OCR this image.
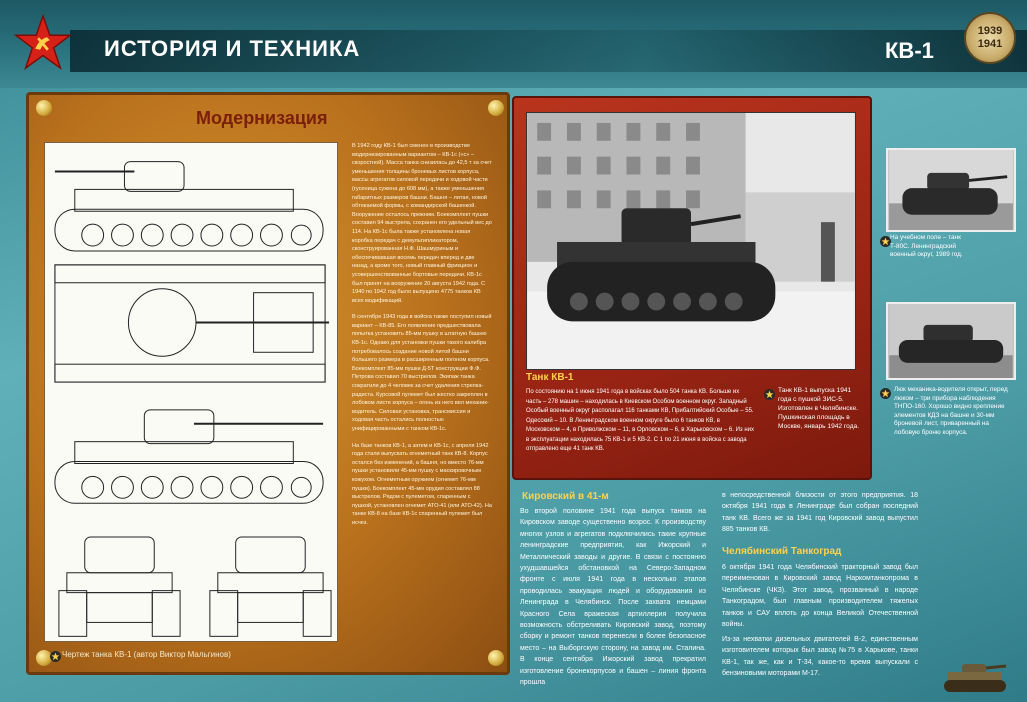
ИСТОРИЯ И ТЕХНИКА	КВ-1
1939
1941
Модернизация

В 1942 году КВ-1 был сменен в производстве модернизированным вариантом – КВ-1с («с» – скоростной). Масса танка снизилась до 42,5 т за счет уменьшения толщины броневых листов корпуса, массы агрегатов силовой передачи и ходовой части (гусеница сужена до 608 мм), а также уменьшения габаритных размеров башни. Башня – литая, новой обтекаемой формы, с командирской башенкой. Вооружение осталось прежним. Боекомплект пушки составил 94 выстрела, сохранен его удельный вес до 114. На КВ-1с была также установлена новая коробка передач с демультипликатором, сконструированная Н.Ф. Шашмуриным и обеспечивавшая восемь передач вперед и две назад, а кроме того, новый главный фрикцион и усовершенствованные бортовые передачи. КВ-1с был принят на вооружение 20 августа 1942 года. С 1940 по 1942 год было выпущено 4775 танков КВ всех модификаций.

В сентябре 1943 года в войска также поступил новый вариант – КВ-85. Его появление предшествовала попытка установить 85-мм пушку в штатную башню КВ-1с. Однако для установки пушки такого калибра потребовалось создание новой литой башни большего размера в расширенным погоном корпуса. Боекомплект 85-мм пушки Д-5Т конструкции Ф.Ф. Петрова составил 70 выстрелов. Экипаж танка сократили до 4 человек за счет удаления стрелка-радиста. Курсовой пулемет был жестко закреплен в лобовом листе корпуса – огонь из него вел механик-водитель. Силовая установка, трансмиссия и ходовая часть остались полностью унифицированными с танком КВ-1с.

На базе танков КВ-1, а затем и КВ-1с, с апреля 1942 года стали выпускать огнеметный танк КВ-8. Корпус остался без изменений, а башня, но вместо 76-мм пушки установили 45-мм пушку с маскировочным кожухом. Огнеметным оружием (огнемет 76-мм пушки). Боекомплект 45-мм орудия составлял 88 выстрелов. Рядом с пулеметом, спаренным с пушкой, установлен огнемет АТО-41 (или АТО-42). На танке КВ-8 на базе КВ-1с спаренный пулемет был исчез.

Чертеж танка КВ-1 (автор Виктор Мальгинов)
Танк КВ-1
По состоянию на 1 июня 1941 года в войсках было 504 танка КВ. Больше их часть – 278 машин – находилась в Киевском Особом военном округ. Западный Особый военный округ располагал 116 танками КВ, Прибалтийский Особые – 55. Одесский – 10. В Ленинградском военном округе было 6 танков КВ, в Московском – 4, в Приволжском – 11, в Орловском – 6, в Харьковском – 6. Из них в эксплуатации находилась 75 КВ-1 и 5 КВ-2. С 1 по 21 июня в войска с завода отправлено еще 41 танк КВ.
Танк КВ-1 выпуска 1941 года с пушкой ЗИС-5. Изготовлен в Челябинске. Пушкинская площадь в Москве, январь 1942 года.
На учебном поле – танк Т-80С. Ленинградский военный округ, 1989 год.
Люк механика-водителя открыт, перед люком – три прибора наблюдения ТНПО-160. Хорошо видно крепление элементов КДЗ на башне и 30-мм броневой лист, приваренный на лобовую броню корпуса.
Кировский в 41-м
Во второй половине 1941 года выпуск танков на Кировском заводе существенно возрос. К производству многих узлов и агрегатов подключились такие крупные ленинградские предприятия, как Ижорский и Металлический заводы и другие. В связи с постоянно ухудшавшейся обстановкой на Северо-Западном фронте с июля 1941 года в несколько этапов проводилась эвакуация людей и оборудования из Ленинграда в Челябинск. После захвата немцами Красного Села вражеская артиллерия получила возможность обстреливать Кировский завод, поэтому сборку и ремонт танков перенесли в более безопасное место – на Выборгскую сторону, на завод им. Сталина. В конце сентября Ижорский завод прекратил изготовление бронекорпусов и башен – линия фронта прошла
в непосредственной близости от этого предприятия. 18 октября 1941 года в Ленинграде был собран последний танк КВ. Всего же за 1941 год Кировский завод выпустил 885 танков КВ.
Челябинский Танкоград
6 октября 1941 года Челябинский тракторный завод был переименован в Кировский завод Наркомтанкопрома в Челябинске (ЧКЗ). Этот завод, прозванный в народе Танкоградом, был главным производителем тяжелых танков и САУ вплоть до конца Великой Отечественной войны.
Из-за нехватки дизельных двигателей В-2, единственным изготовителем которых был завод №75 в Харькове, танки КВ-1, так же, как и Т-34, какое-то время выпускали с бензиновыми моторами М-17.
